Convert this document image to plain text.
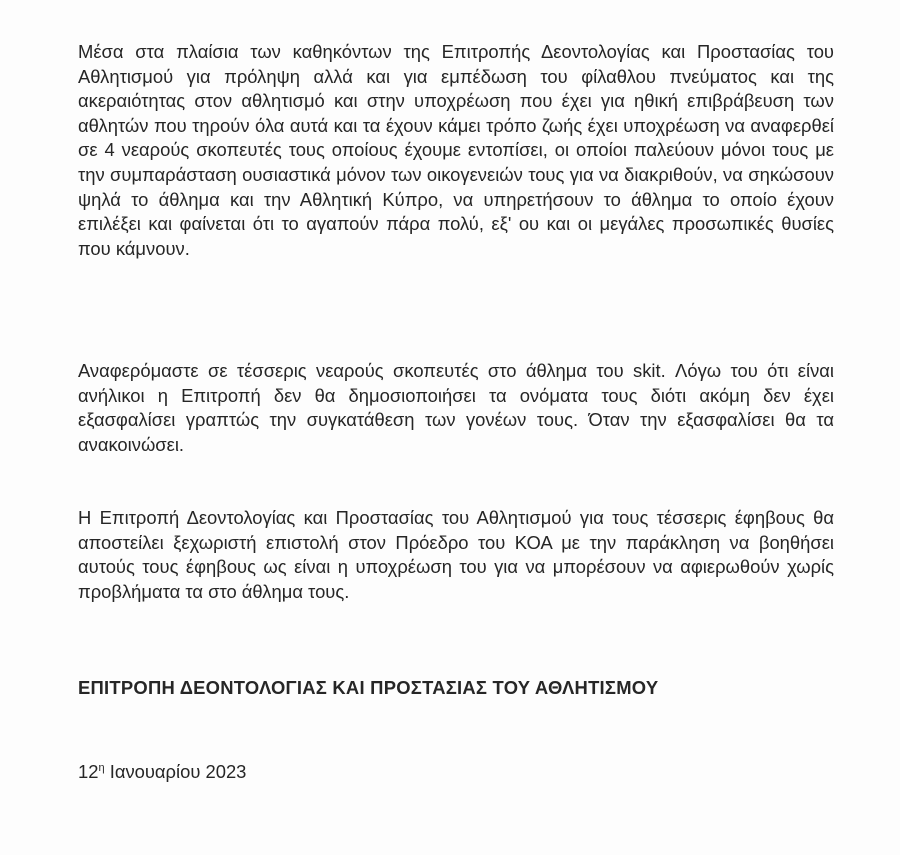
Μέσα στα πλαίσια των καθηκόντων της Επιτροπής Δεοντολογίας και Προστασίας του Αθλητισμού για πρόληψη αλλά και για εμπέδωση του φίλαθλου πνεύματος και της ακεραιότητας στον αθλητισμό και στην υποχρέωση που έχει για ηθική επιβράβευση των αθλητών που τηρούν όλα αυτά και τα έχουν κάμει τρόπο ζωής έχει υποχρέωση να αναφερθεί σε 4 νεαρούς σκοπευτές τους οποίους έχουμε εντοπίσει, οι οποίοι παλεύουν μόνοι τους με την συμπαράσταση ουσιαστικά μόνον των οικογενειών τους για να διακριθούν, να σηκώσουν ψηλά το άθλημα και την Αθλητική Κύπρο, να υπηρετήσουν το άθλημα το οποίο έχουν επιλέξει και φαίνεται ότι το αγαπούν πάρα πολύ, εξ' ου και οι μεγάλες προσωπικές θυσίες που κάμνουν.
Αναφερόμαστε σε τέσσερις νεαρούς σκοπευτές στο άθλημα του skit. Λόγω του ότι είναι ανήλικοι η Επιτροπή δεν θα δημοσιοποιήσει τα ονόματα τους διότι ακόμη δεν έχει εξασφαλίσει γραπτώς την συγκατάθεση των γονέων τους. Όταν την εξασφαλίσει θα τα ανακοινώσει.
Η Επιτροπή Δεοντολογίας και Προστασίας του Αθλητισμού για τους τέσσερις έφηβους θα αποστείλει ξεχωριστή επιστολή στον Πρόεδρο του ΚΟΑ με την παράκληση να βοηθήσει αυτούς τους έφηβους ως είναι η υποχρέωση του για να μπορέσουν να αφιερωθούν χωρίς προβλήματα τα στο άθλημα τους.
ΕΠΙΤΡΟΠΗ ΔΕΟΝΤΟΛΟΓΙΑΣ ΚΑΙ ΠΡΟΣΤΑΣΙΑΣ ΤΟΥ ΑΘΛΗΤΙΣΜΟΥ
$12^\eta$ Ιανουαρίου 2023
